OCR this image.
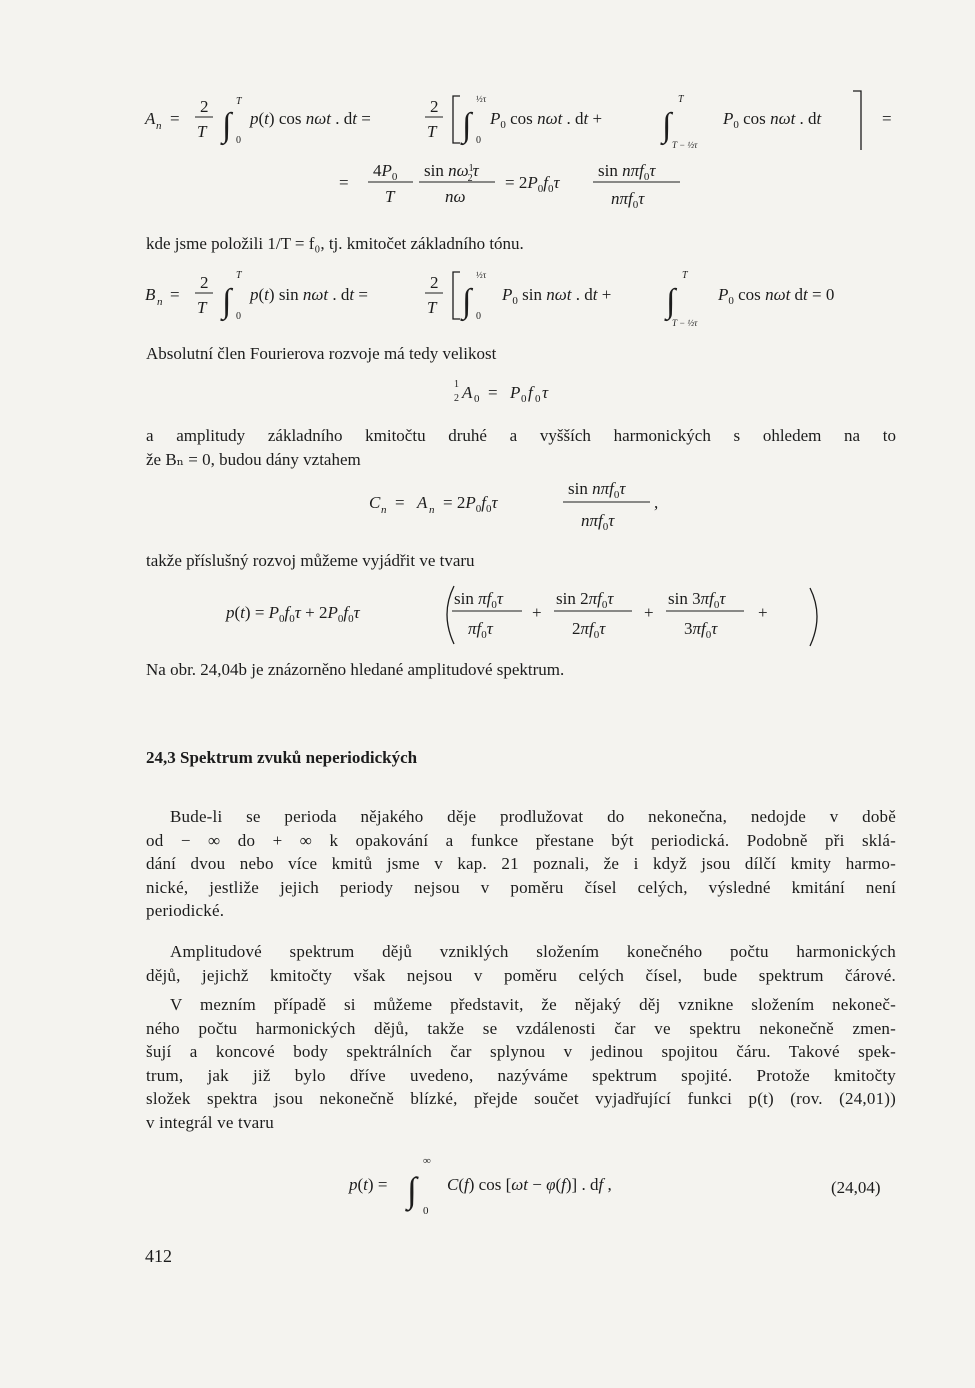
A n =
2
T ∫
T
0
p(t) cos nωt . dt =
2
T ∫
½τ
0
$P_0$ cos nωt . dt + ∫
T
T − ½τ
$P_0$ cos nωt . dt	=
=
$4P_0$
T
$\sin n\omega^1$ 2τ
nω
= $2P_0f_0\tau$
sin nπf$_0$τ
nπf$_0$τ
kde jsme položili 1/T = f₀, tj. kmitočet základního tónu.
B n =
2
T ∫
T
0
p(t) sin nωt . dt =
2
T ∫
½τ
0
$P_0$ sin nωt . dt + ∫
T
T − ½τ
$P_0$ cos nωt dt = 0
Absolutní člen Fourierova rozvoje má tedy velikost
1
2 A 0 = P 0 f 0 τ
a amplitudy základního kmitočtu druhé a vyšších harmonických s ohledem na to
že Bₙ = 0, budou dány vztahem
C n = A $n = 2P_0f_0\tau$
sin nπf$_0$τ
nπf$_0$τ
,
takže příslušný rozvoj můžeme vyjádřit ve tvaru
$p(t) = P_0f_0\tau + 2P_0f_0\tau$
$\sin \pi f_0\tau$
$\pi f_0\tau$
+
$\sin 2\pi f_0\tau$
$2\pi f_0\tau$
+
$\sin 3\pi f_0\tau$
$3\pi f_0\tau$
+
Na obr. 24,04b je znázorněno hledané amplitudové spektrum.
24,3 Spektrum zvuků neperiodických
Bude-li se perioda nějakého děje prodlužovat do nekonečna, nedojde v době
od − ∞ do + ∞ k opakování a funkce přestane být periodická. Podobně při sklá-
dání dvou nebo více kmitů jsme v kap. 21 poznali, že i když jsou dílčí kmity harmo-
nické, jestliže jejich periody nejsou v poměru čísel celých, výsledné kmitání není
periodické.
Amplitudové spektrum dějů vzniklých složením konečného počtu harmonických
dějů, jejichž kmitočty však nejsou v poměru celých čísel, bude spektrum čárové.
V mezním případě si můžeme představit, že nějaký děj vznikne složením nekoneč-
ného počtu harmonických dějů, takže se vzdálenosti čar ve spektru nekonečně zmen-
šují a koncové body spektrálních čar splynou v jedinou spojitou čáru. Takové spek-
trum, jak již bylo dříve uvedeno, nazýváme spektrum spojité. Protože kmitočty
složek spektra jsou nekonečně blízké, přejde součet vyjadřující funkci p(t) (rov. (24,01))
v integrál ve tvaru
p(t) = ∫
∞
0
C(f) cos [ωt − φ(f)] . df ,	(24,04)
412
